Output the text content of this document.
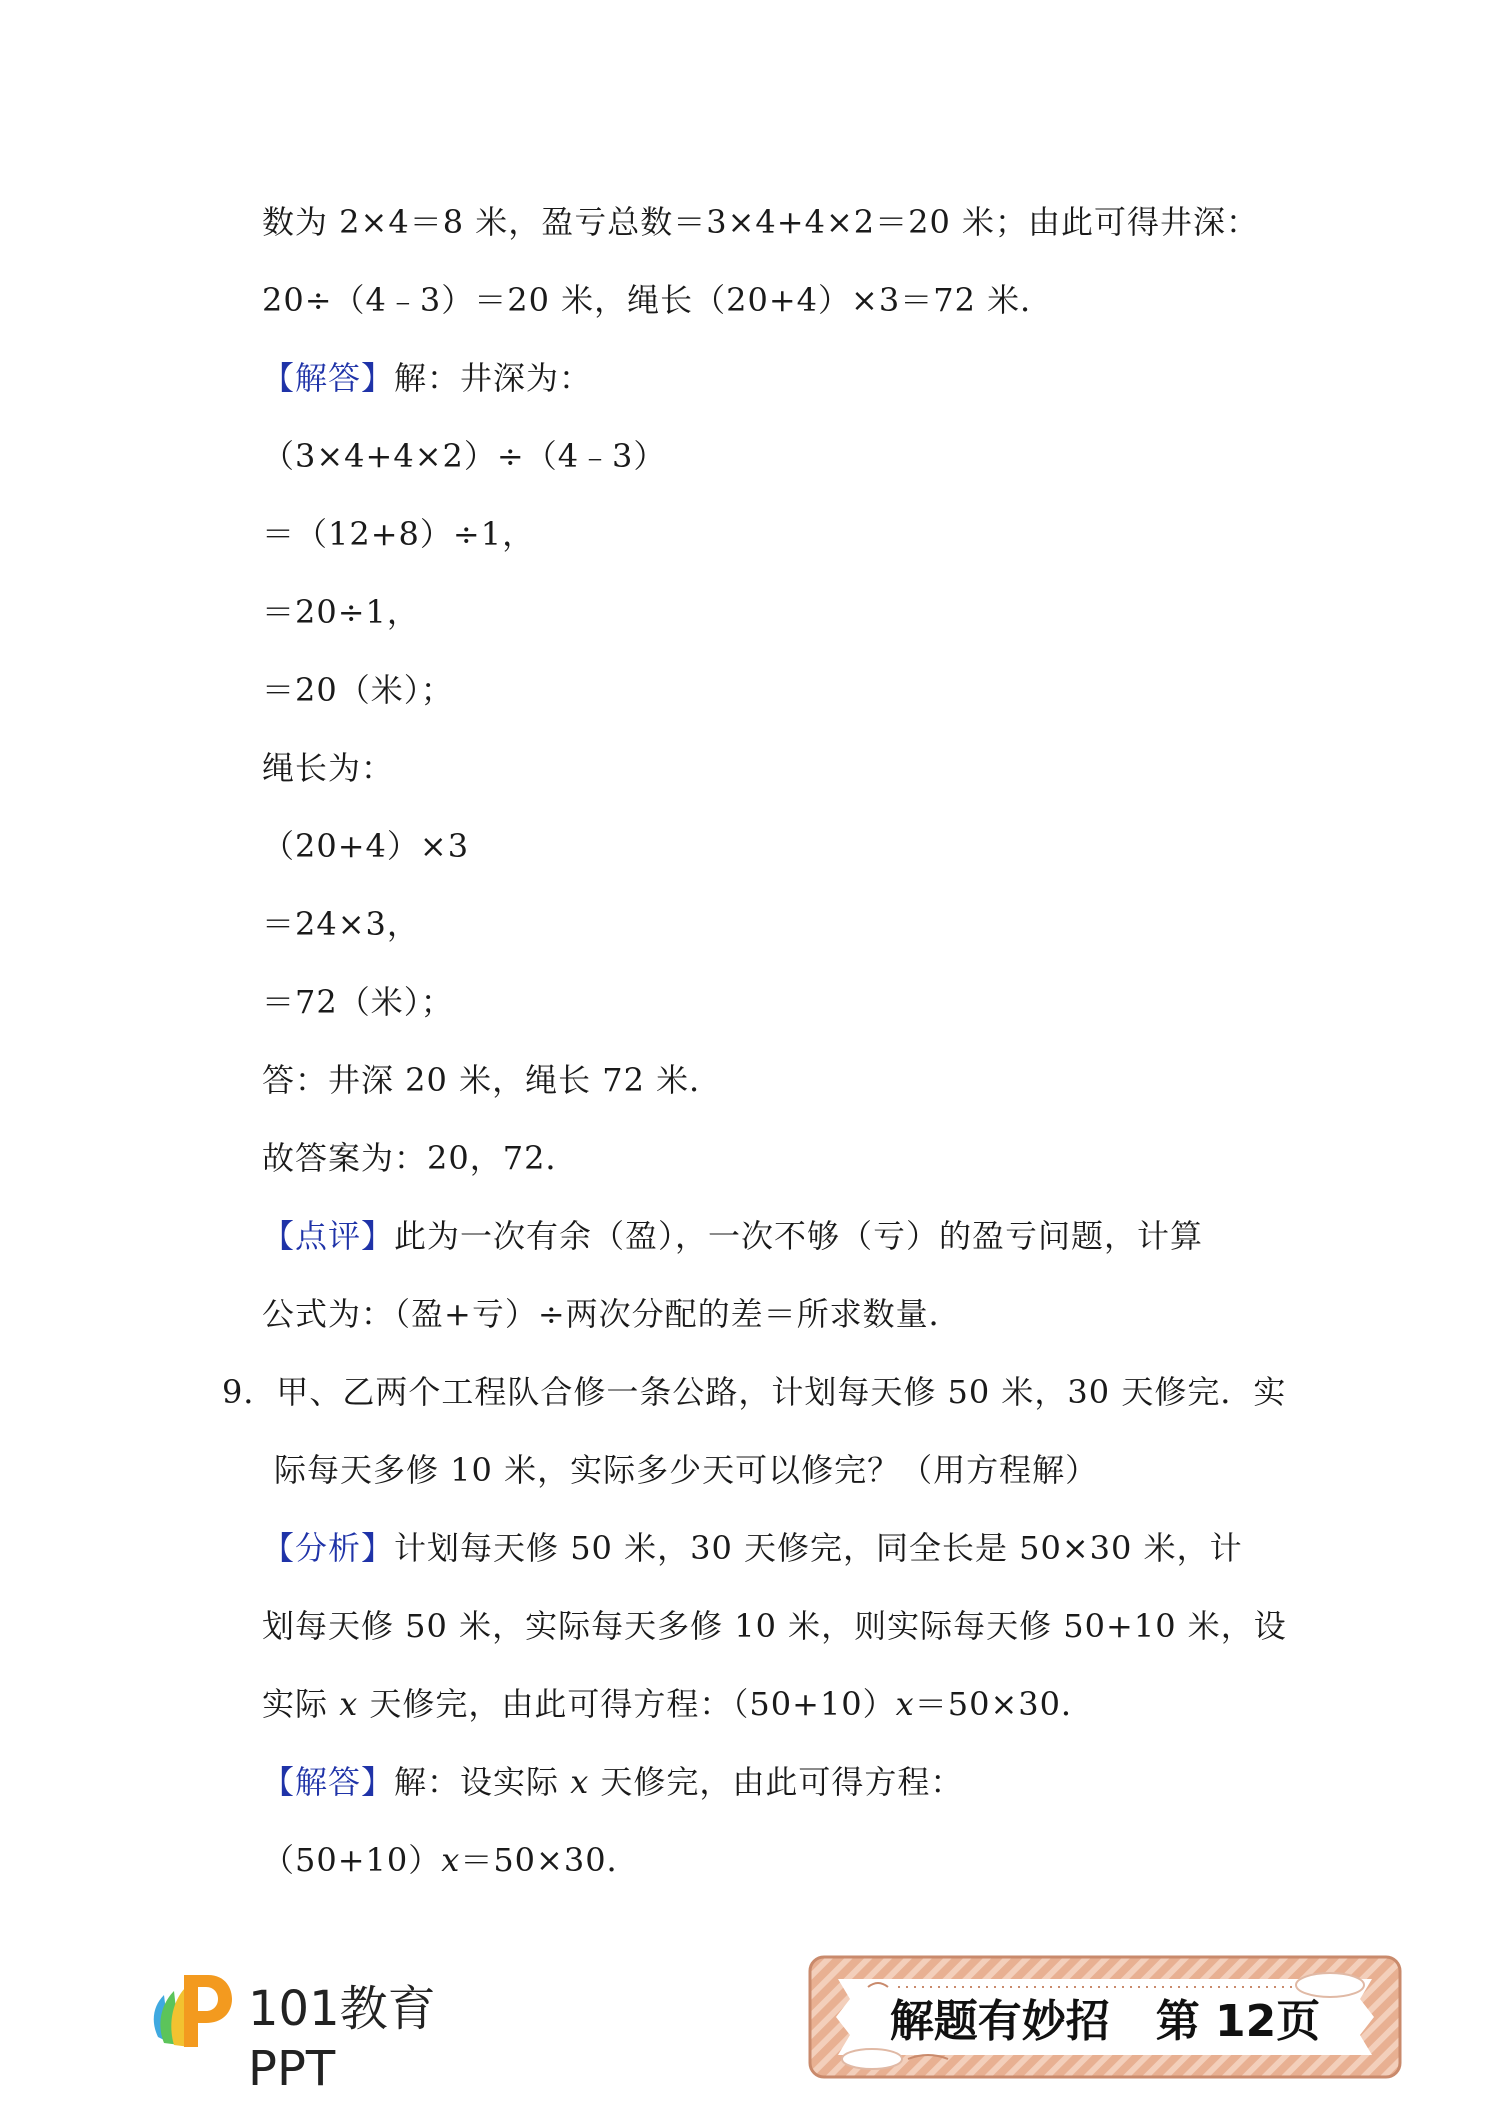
数为 2×4＝8 米，盈亏总数＝3×4+4×2＝20 米；由此可得井深：
20÷（4﹣3）＝20 米，绳长（20+4）×3＝72 米．
【解答】解：井深为：
（3×4+4×2）÷（4﹣3）
＝（12+8）÷1，
＝20÷1，
＝20（米）；
绳长为：
（20+4）×3
＝24×3，
＝72（米）；
答：井深 20 米，绳长 72 米．
故答案为：20，72．
【点评】此为一次有余（盈），一次不够（亏）的盈亏问题，计算
公式为：（盈+亏）÷两次分配的差＝所求数量．
9．甲、乙两个工程队合修一条公路，计划每天修 50 米，30 天修完．实
际每天多修 10 米，实际多少天可以修完？（用方程解）
【分析】计划每天修 50 米，30 天修完，同全长是 50×30 米，计
划每天修 50 米，实际每天多修 10 米，则实际每天修 50+10 米，设
实际 x 天修完，由此可得方程：（50+10）x＝50×30．
【解答】解：设实际 x 天修完，由此可得方程：
（50+10）x＝50×30．
101教育PPT
解题有妙招 第 12页
